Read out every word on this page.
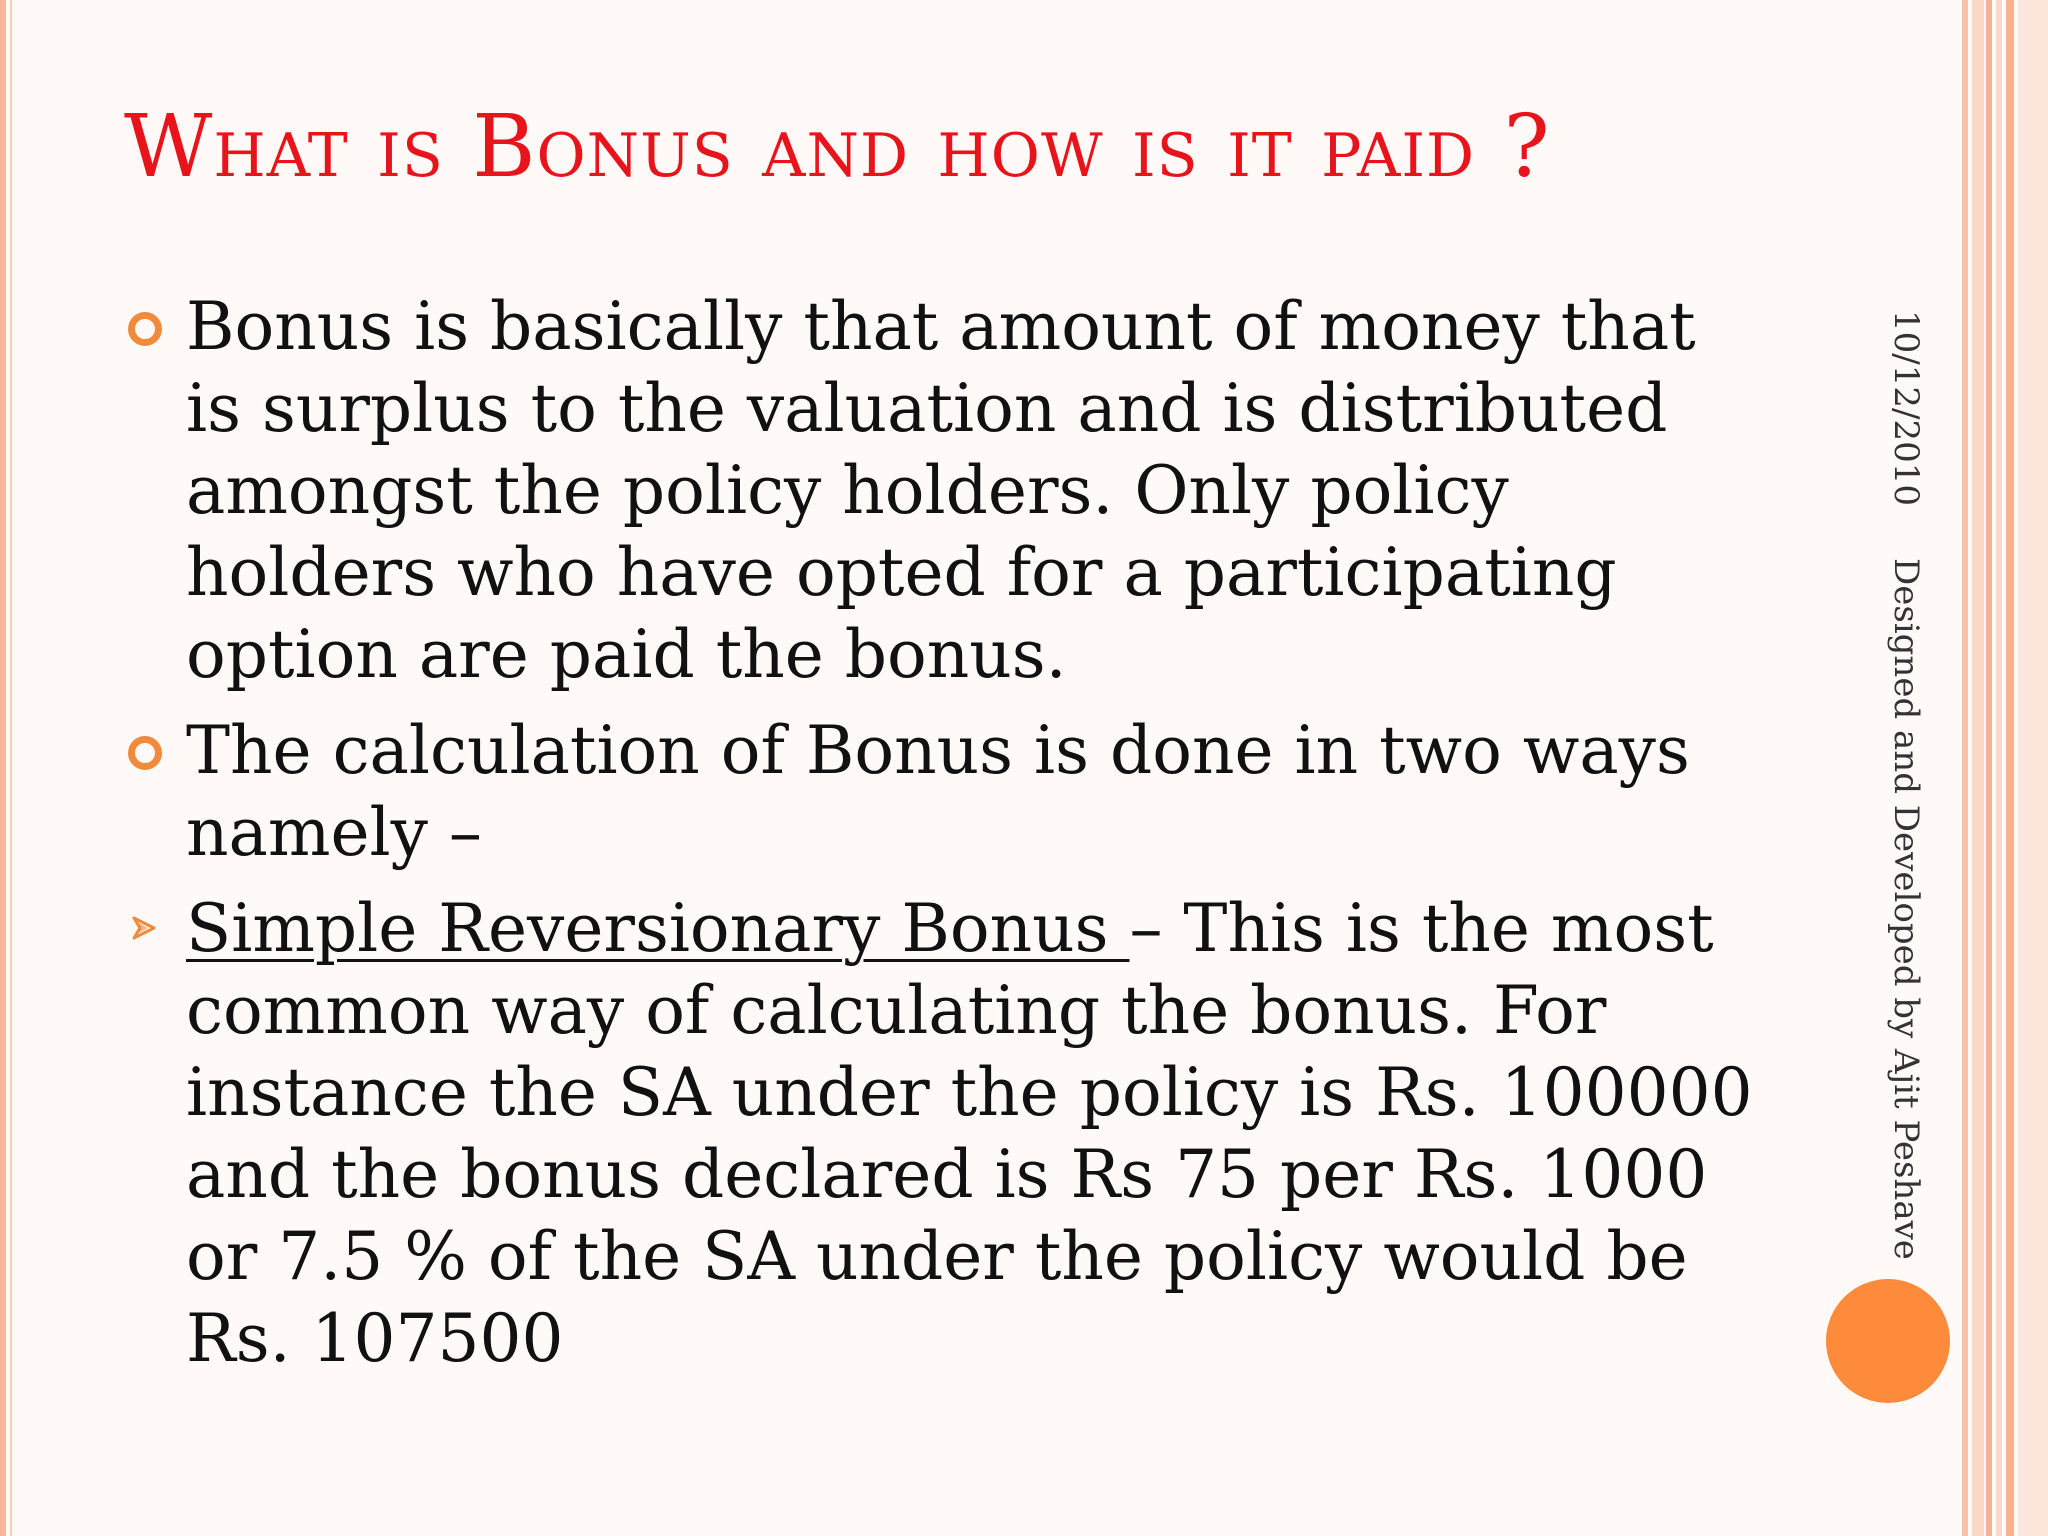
What is Bonus and how is it paid ?
Bonus is basically that amount of money that is surplus to the valuation and is distributed amongst the policy holders. Only policy holders who have opted for a participating option are paid the bonus.
The calculation of Bonus is done in two ways namely –
Simple Reversionary Bonus – This is the most common way of calculating the bonus. For instance the SA under the policy is Rs. 100000 and the bonus declared is Rs 75 per Rs. 1000 or 7.5 % of the SA under the policy would be Rs. 107500
10/12/2010Designed and Developed by Ajit Peshave
